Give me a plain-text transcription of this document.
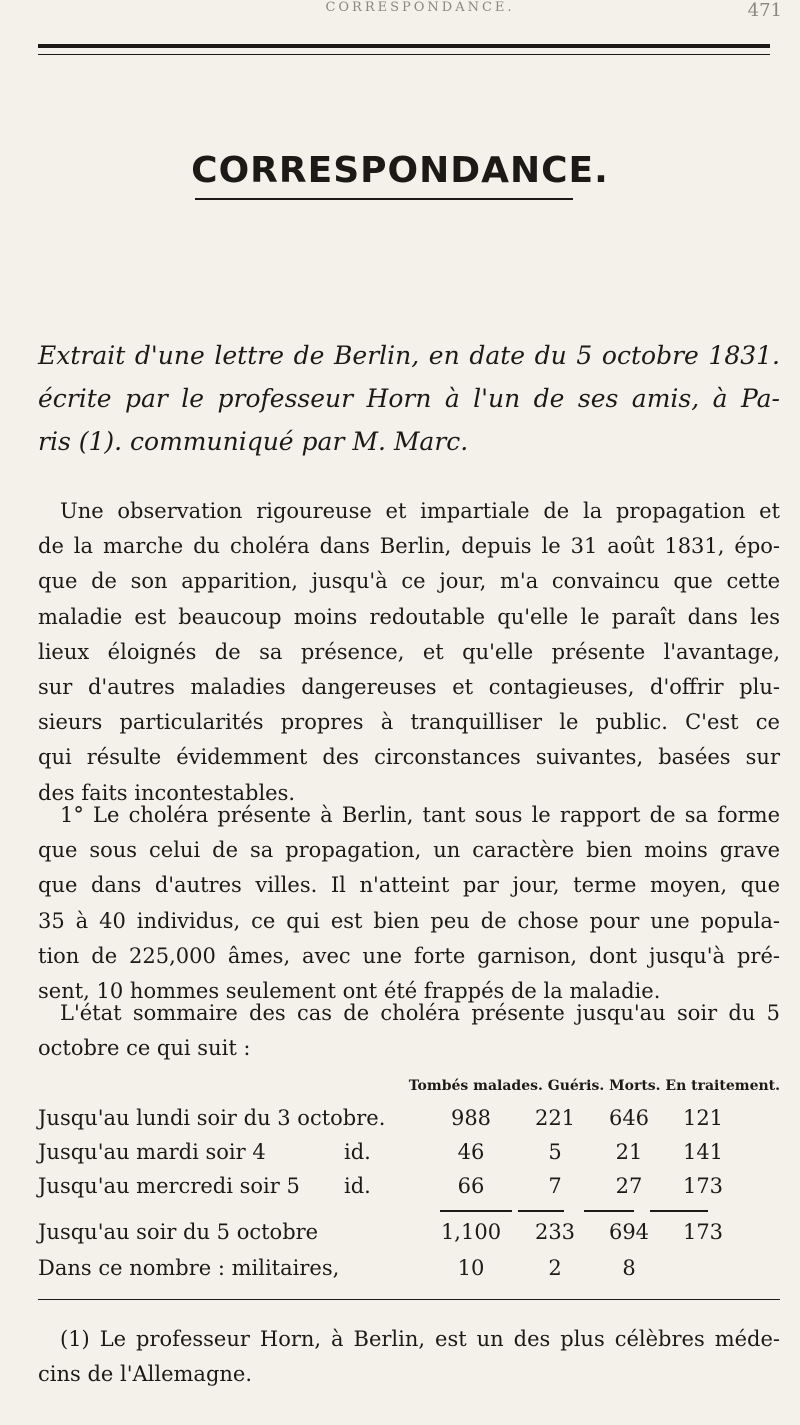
CORRESPONDANCE.	471
CORRESPONDANCE.
Extrait d'une lettre de Berlin, en date du 5 octobre 1831.
écrite par le professeur Horn à l'un de ses amis, à Pa-
ris (1). communiqué par M. Marc.
Une observation rigoureuse et impartiale de la propagation et
de la marche du choléra dans Berlin, depuis le 31 août 1831, épo-
que de son apparition, jusqu'à ce jour, m'a convaincu que cette
maladie est beaucoup moins redoutable qu'elle le paraît dans les
lieux éloignés de sa présence, et qu'elle présente l'avantage,
sur d'autres maladies dangereuses et contagieuses, d'offrir plu-
sieurs particularités propres à tranquilliser le public. C'est ce
qui résulte évidemment des circonstances suivantes, basées sur
des faits incontestables.
1° Le choléra présente à Berlin, tant sous le rapport de sa forme
que sous celui de sa propagation, un caractère bien moins grave
que dans d'autres villes. Il n'atteint par jour, terme moyen, que
35 à 40 individus, ce qui est bien peu de chose pour une popula-
tion de 225,000 âmes, avec une forte garnison, dont jusqu'à pré-
sent, 10 hommes seulement ont été frappés de la maladie.
L'état sommaire des cas de choléra présente jusqu'au soir du 5
octobre ce qui suit :
Tombés malades. Guéris. Morts. En traitement.
Jusqu'au lundi soir du 3 octobre.	988	221	646	121
Jusqu'au mardi soir 4	id.	46	5	21	141
Jusqu'au mercredi soir 5 id.	66	7	27	173
Jusqu'au soir du 5 octobre	1,100	233	694	173
Dans ce nombre : militaires,	10	2	8
(1) Le professeur Horn, à Berlin, est un des plus célèbres méde-
cins de l'Allemagne.
